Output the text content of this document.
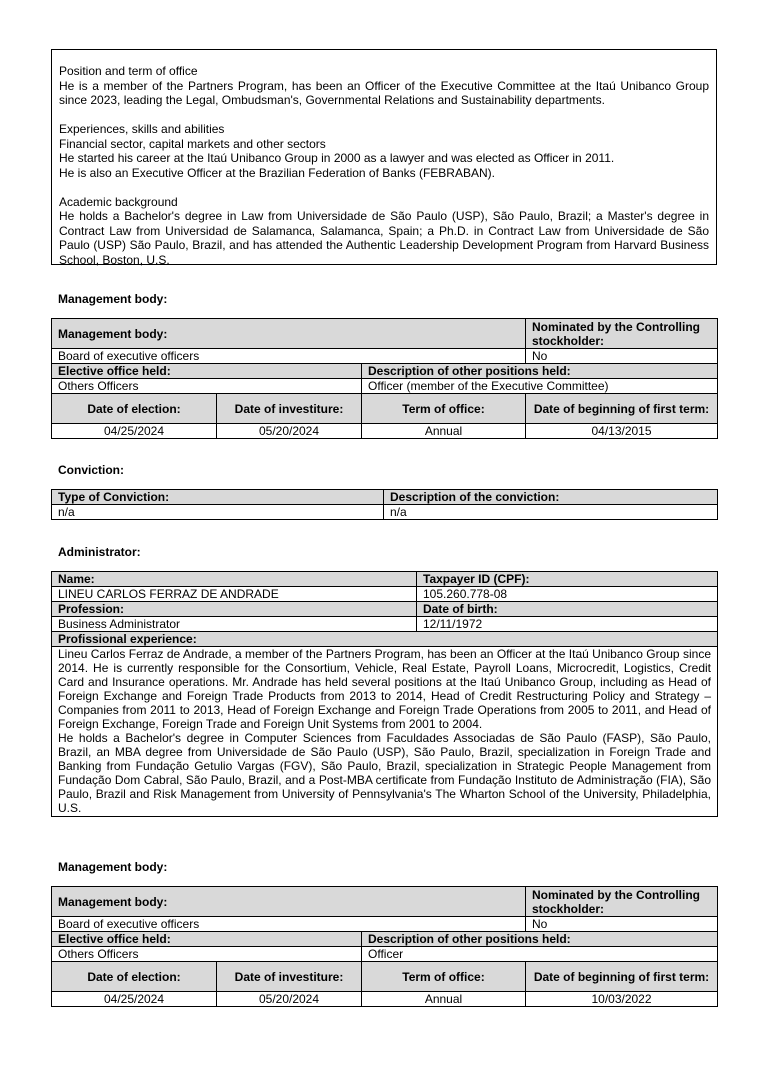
Position and term of office

He is a member of the Partners Program, has been an Officer of the Executive Committee at the Itaú Unibanco Group since 2023, leading the Legal, Ombudsman's, Governmental Relations and Sustainability departments.

Experiences, skills and abilities

Financial sector, capital markets and other sectors

He started his career at the Itaú Unibanco Group in 2000 as a lawyer and was elected as Officer in 2011.

He is also an Executive Officer at the Brazilian Federation of Banks (FEBRABAN).

Academic background

He holds a Bachelor's degree in Law from Universidade de São Paulo (USP), São Paulo, Brazil; a Master's degree in Contract Law from Universidad de Salamanca, Salamanca, Spain; a Ph.D. in Contract Law from Universidade de São Paulo (USP) São Paulo, Brazil, and has attended the Authentic Leadership Development Program from Harvard Business School, Boston, U.S.

Management body:
Management body:			Nominated by the Controlling stockholder:
Board of executive officers			No
Elective office held:		Description of other positions held:	
Others Officers		Officer (member of the Executive Committee)	
Date of election:	Date of investiture:	Term of office:	Date of beginning of first term:
04/25/2024	05/20/2024	Annual	04/13/2015
Conviction:
Type of Conviction:	Description of the conviction:
n/a	n/a
Administrator:
Name:	Taxpayer ID (CPF):
LINEU CARLOS FERRAZ DE ANDRADE	105.260.778-08
Profession:	Date of birth:
Business Administrator	12/11/1972
Profissional experience:	

Lineu Carlos Ferraz de Andrade, a member of the Partners Program, has been an Officer at the Itaú Unibanco Group since 2014. He is currently responsible for the Consortium, Vehicle, Real Estate, Payroll Loans, Microcredit, Logistics, Credit Card and Insurance operations. Mr. Andrade has held several positions at the Itaú Unibanco Group, including as Head of Foreign Exchange and Foreign Trade Products from 2013 to 2014, Head of Credit Restructuring Policy and Strategy – Companies from 2011 to 2013, Head of Foreign Exchange and Foreign Trade Operations from 2005 to 2011, and Head of Foreign Exchange, Foreign Trade and Foreign Unit Systems from 2001 to 2004.

He holds a Bachelor's degree in Computer Sciences from Faculdades Associadas de São Paulo (FASP), São Paulo, Brazil, an MBA degree from Universidade de São Paulo (USP), São Paulo, Brazil, specialization in Foreign Trade and Banking from Fundação Getulio Vargas (FGV), São Paulo, Brazil, specialization in Strategic People Management from Fundação Dom Cabral, São Paulo, Brazil, and a Post-MBA certificate from Fundação Instituto de Administração (FIA), São Paulo, Brazil and Risk Management from University of Pennsylvania's The Wharton School of the University, Philadelphia, U.S.	

Management body:
Management body:			Nominated by the Controlling stockholder:
Board of executive officers			No
Elective office held:		Description of other positions held:	
Others Officers		Officer	
Date of election:	Date of investiture:	Term of office:	Date of beginning of first term:
04/25/2024	05/20/2024	Annual	10/03/2022
